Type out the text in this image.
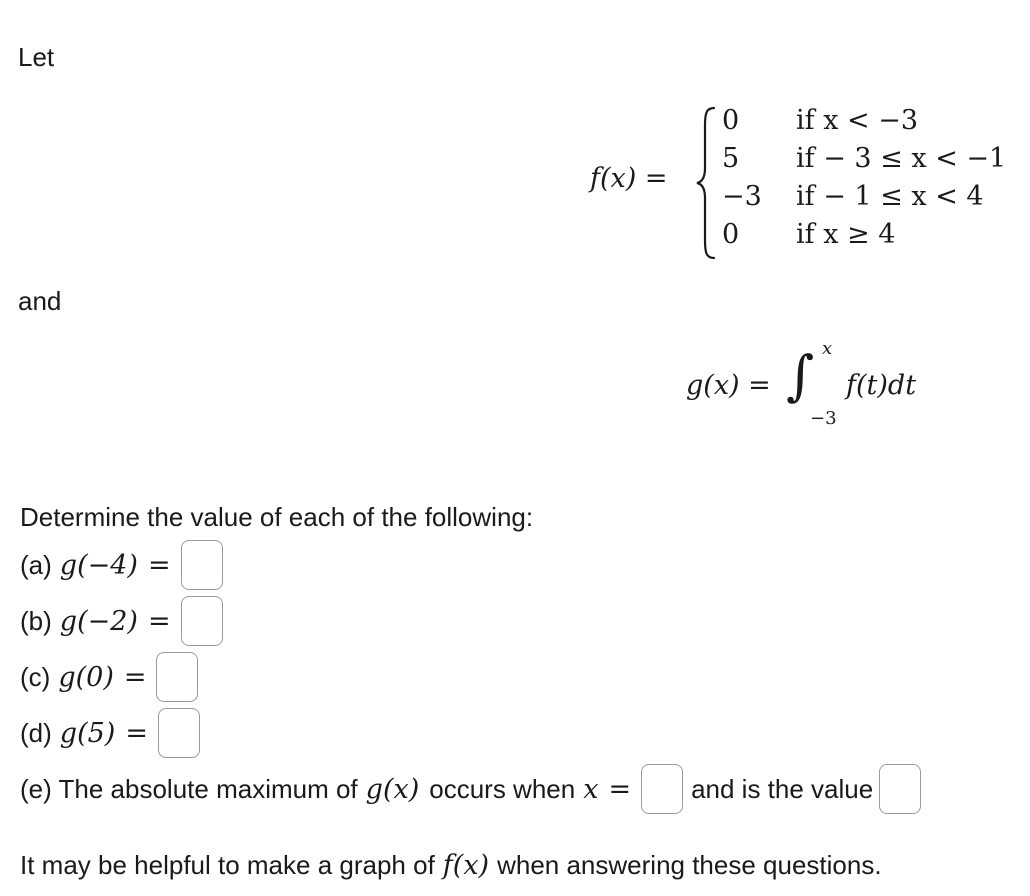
Let
f(x) =
0
5
−3
0
if x < −3
if − 3 ≤ x < −1
if − 1 ≤ x < 4
if x ≥ 4
and
g(x) = ∫ x
−3
f(t)dt
Determine the value of each of the following:
(a) g(−4) =
(b) g(−2) =
(c) g(0) =
(d) g(5) =
(e) The absolute maximum of g(x) occurs when x = and is the value
It may be helpful to make a graph of f(x) when answering these questions.
